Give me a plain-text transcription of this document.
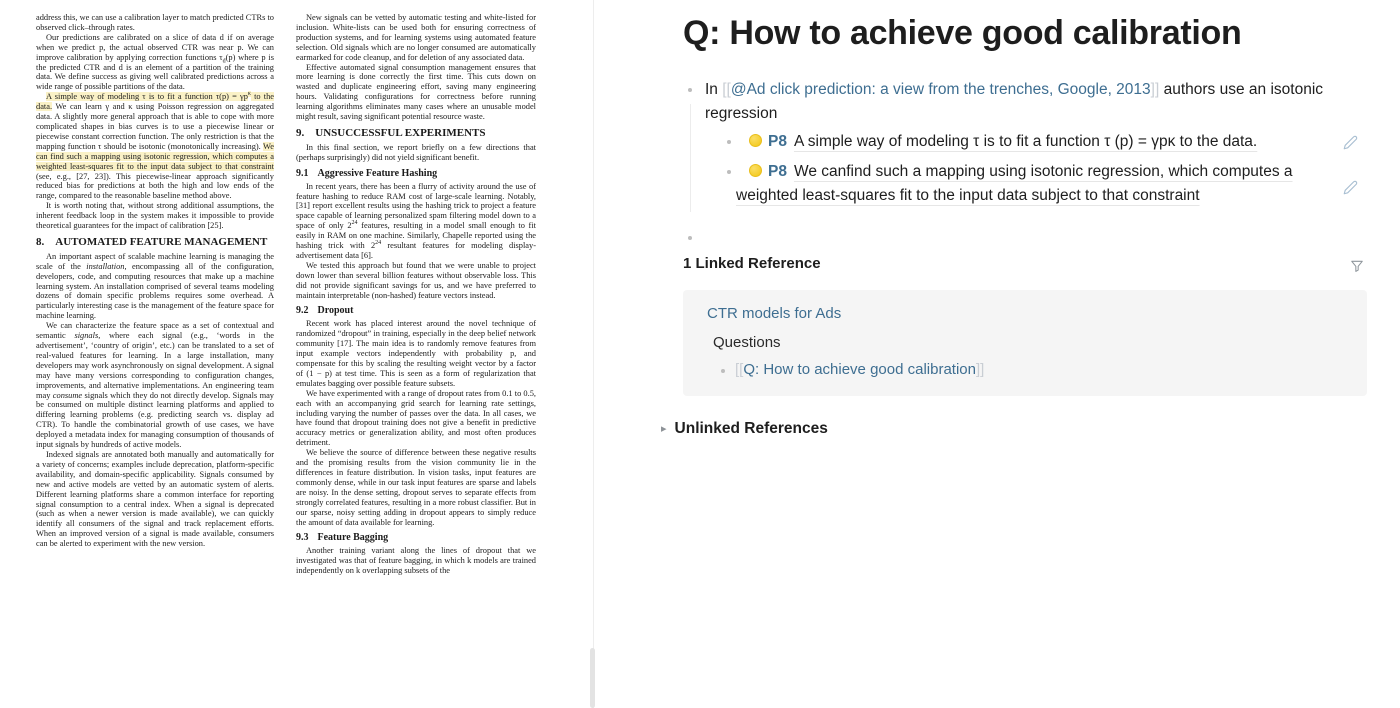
address this, we can use a calibration layer to match predicted CTRs to observed click–through rates.

Our predictions are calibrated on a slice of data d if on average when we predict p, the actual observed CTR was near p. We can improve calibration by applying correction functions $\tau_d(p)$ where p is the predicted CTR and d is an element of a partition of the training data. We define success as giving well calibrated predictions across a wide range of possible partitions of the data.

A simple way of modeling τ is to fit a function $\tau(p) = \gamma p^\kappa$ to the data. We can learn γ and κ using Poisson regression on aggregated data. A slightly more general approach that is able to cope with more complicated shapes in bias curves is to use a piecewise linear or piecewise constant correction function. The only restriction is that the mapping function τ should be isotonic (monotonically increasing). We can find such a mapping using isotonic regression, which computes a weighted least-squares fit to the input data subject to that constraint (see, e.g., [27, 23]). This piecewise-linear approach significantly reduced bias for predictions at both the high and low ends of the range, compared to the reasonable baseline method above.

It is worth noting that, without strong additional assumptions, the inherent feedback loop in the system makes it impossible to provide theoretical guarantees for the impact of calibration [25].

8. AUTOMATED FEATURE MANAGEMENT

An important aspect of scalable machine learning is managing the scale of the installation, encompassing all of the configuration, developers, code, and computing resources that make up a machine learning system. An installation comprised of several teams modeling dozens of domain specific problems requires some overhead. A particularly interesting case is the management of the feature space for machine learning.

We can characterize the feature space as a set of contextual and semantic signals, where each signal (e.g., ‘words in the advertisement’, ‘country of origin’, etc.) can be translated to a set of real-valued features for learning. In a large installation, many developers may work asynchronously on signal development. A signal may have many versions corresponding to configuration changes, improvements, and alternative implementations. An engineering team may consume signals which they do not directly develop. Signals may be consumed on multiple distinct learning platforms and applied to differing learning problems (e.g. predicting search vs. display ad CTR). To handle the combinatorial growth of use cases, we have deployed a metadata index for managing consumption of thousands of input signals by hundreds of active models.

Indexed signals are annotated both manually and automatically for a variety of concerns; examples include deprecation, platform-specific availability, and domain-specific applicability. Signals consumed by new and active models are vetted by an automatic system of alerts. Different learning platforms share a common interface for reporting signal consumption to a central index. When a signal is deprecated (such as when a newer version is made available), we can quickly identify all consumers of the signal and track replacement efforts. When an improved version of a signal is made available, consumers can be alerted to experiment with the new version.

New signals can be vetted by automatic testing and white-listed for inclusion. White-lists can be used both for ensuring correctness of production systems, and for learning systems using automated feature selection. Old signals which are no longer consumed are automatically earmarked for code cleanup, and for deletion of any associated data.

Effective automated signal consumption management ensures that more learning is done correctly the first time. This cuts down on wasted and duplicate engineering effort, saving many engineering hours. Validating configurations for correctness before running learning algorithms eliminates many cases where an unusable model might result, saving significant potential resource waste.

9. UNSUCCESSFUL EXPERIMENTS

In this final section, we report briefly on a few directions that (perhaps surprisingly) did not yield significant benefit.

9.1 Aggressive Feature Hashing

In recent years, there has been a flurry of activity around the use of feature hashing to reduce RAM cost of large-scale learning. Notably, [31] report excellent results using the hashing trick to project a feature space capable of learning personalized spam filtering model down to a space of only $2^{24}$ features, resulting in a model small enough to fit easily in RAM on one machine. Similarly, Chapelle reported using the hashing trick with $2^{24}$ resultant features for modeling display-advertisement data [6].

We tested this approach but found that we were unable to project down lower than several billion features without observable loss. This did not provide significant savings for us, and we have preferred to maintain interpretable (non-hashed) feature vectors instead.

9.2 Dropout

Recent work has placed interest around the novel technique of randomized “dropout” in training, especially in the deep belief network community [17]. The main idea is to randomly remove features from input example vectors independently with probability p, and compensate for this by scaling the resulting weight vector by a factor of (1 − p) at test time. This is seen as a form of regularization that emulates bagging over possible feature subsets.

We have experimented with a range of dropout rates from 0.1 to 0.5, each with an accompanying grid search for learning rate settings, including varying the number of passes over the data. In all cases, we have found that dropout training does not give a benefit in predictive accuracy metrics or generalization ability, and most often produces detriment.

We believe the source of difference between these negative results and the promising results from the vision community lie in the differences in feature distribution. In vision tasks, input features are commonly dense, while in our task input features are sparse and labels are noisy. In the dense setting, dropout serves to separate effects from strongly correlated features, resulting in a more robust classifier. But in our sparse, noisy setting adding in dropout appears to simply reduce the amount of data available for learning.

9.3 Feature Bagging

Another training variant along the lines of dropout that we investigated was that of feature bagging, in which k models are trained independently on k overlapping subsets of the

Q: How to achieve good calibration
In [[@Ad click prediction: a view from the trenches, Google, 2013]] authors use an isotonic regression
P8 A simple way of modeling τ is to fit a function τ (p) = γpκ to the data.
P8 We canfind such a mapping using isotonic regression, which computes a weighted least-squares fit to the input data subject to that constraint
1 Linked Reference
CTR models for Ads
Questions
[[Q: How to achieve good calibration]]
▸ Unlinked References
